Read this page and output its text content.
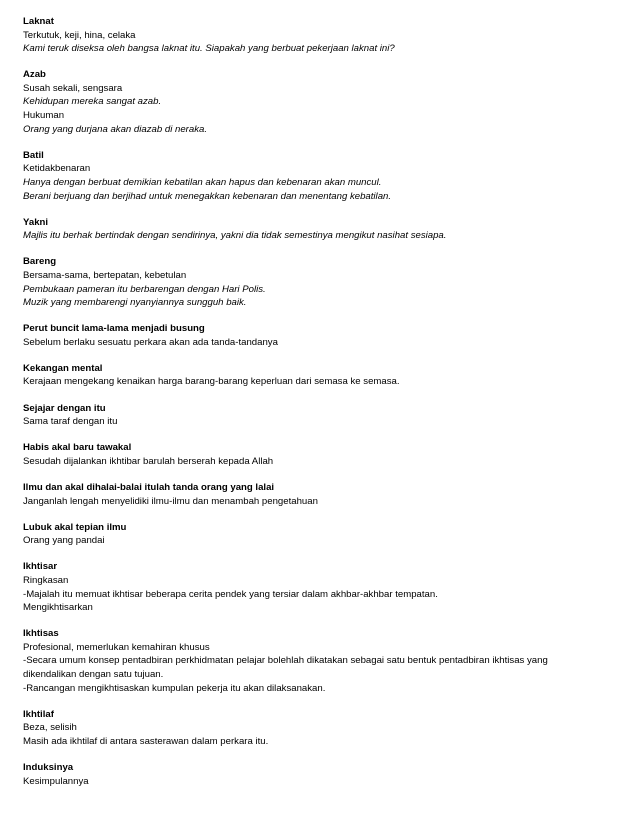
Laknat
Terkutuk, keji, hina, celaka
Kami teruk diseksa oleh bangsa laknat itu. Siapakah yang berbuat pekerjaan laknat ini?
Azab
Susah sekali, sengsara
Kehidupan mereka sangat azab.
Hukuman
Orang yang durjana akan diazab di neraka.
Batil
Ketidakbenaran
Hanya dengan berbuat demikian kebatilan akan hapus dan kebenaran akan muncul.
Berani berjuang dan berjihad untuk menegakkan kebenaran dan menentang kebatilan.
Yakni
Majlis itu berhak bertindak dengan sendirinya, yakni dia tidak semestinya mengikut nasihat sesiapa.
Bareng
Bersama-sama, bertepatan, kebetulan
Pembukaan pameran itu berbarengan dengan Hari Polis.
Muzik yang membarengi nyanyiannya sungguh baik.
Perut buncit lama-lama menjadi busung
Sebelum berlaku sesuatu perkara akan ada tanda-tandanya
Kekangan mental
Kerajaan mengekang kenaikan harga barang-barang keperluan dari semasa ke semasa.
Sejajar dengan itu
Sama taraf dengan itu
Habis akal baru tawakal
Sesudah dijalankan ikhtibar barulah berserah kepada Allah
Ilmu dan akal dihalai-balai itulah tanda orang yang lalai
Janganlah lengah menyelidiki ilmu-ilmu dan menambah pengetahuan
Lubuk akal tepian ilmu
Orang yang pandai
Ikhtisar
Ringkasan
-Majalah itu memuat ikhtisar beberapa cerita pendek yang tersiar dalam akhbar-akhbar tempatan.
Mengikhtisarkan
Ikhtisas
Profesional, memerlukan kemahiran khusus
-Secara umum konsep pentadbiran perkhidmatan pelajar bolehlah dikatakan sebagai satu bentuk pentadbiran ikhtisas yang dikendalikan dengan satu tujuan.
-Rancangan mengikhtisaskan kumpulan pekerja itu akan dilaksanakan.
Ikhtilaf
Beza, selisih
Masih ada ikhtilaf di antara sasterawan dalam perkara itu.
Induksinya
Kesimpulannya
